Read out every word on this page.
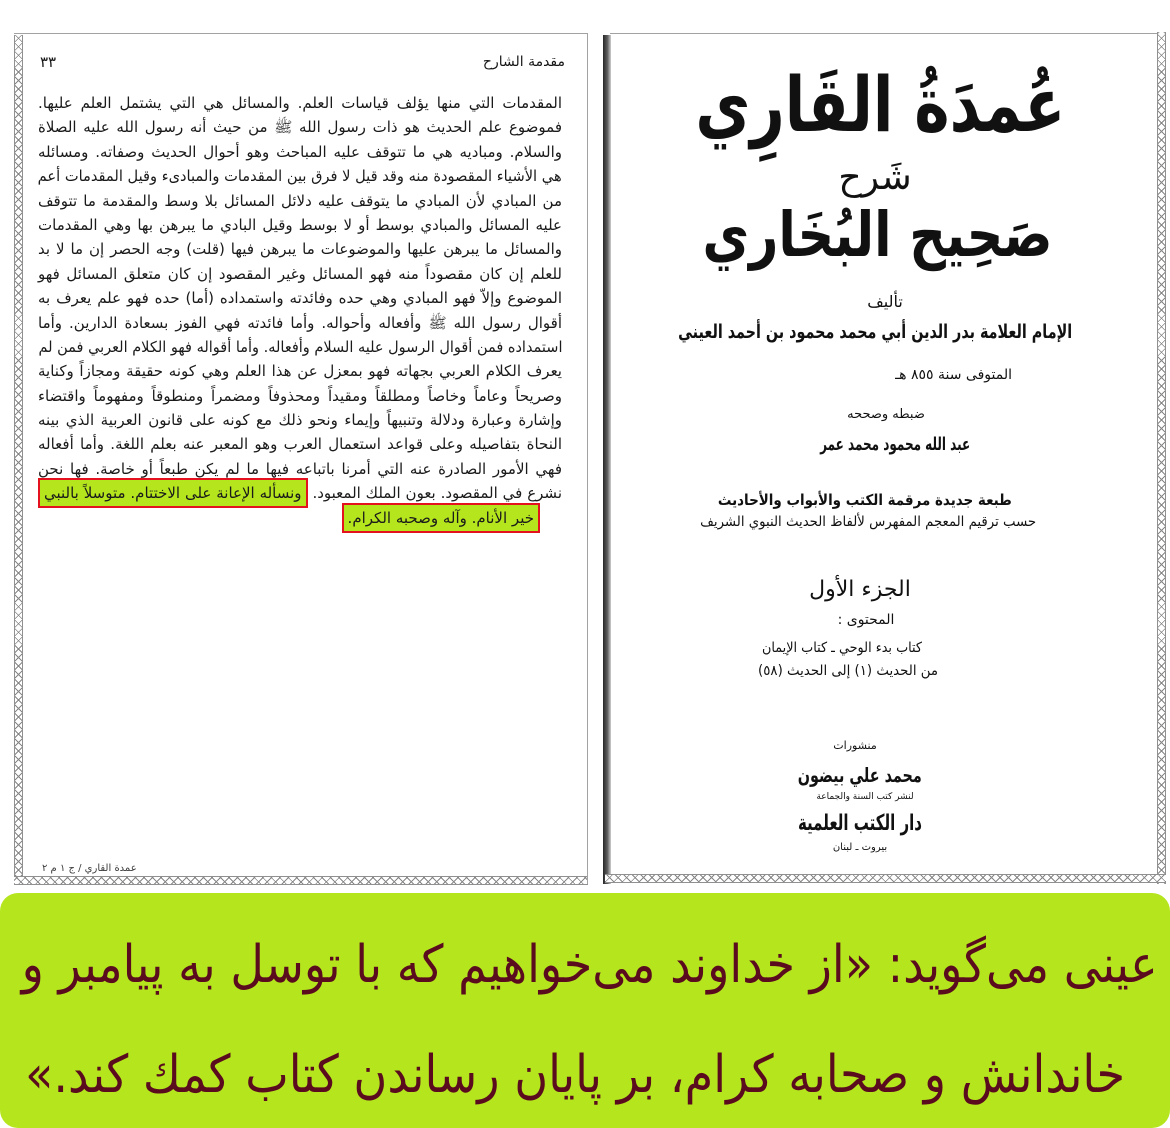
مقدمة الشارح
٣٣
المقدمات التي منها يؤلف قياسات العلم. والمسائل هي التي يشتمل العلم عليها.
فموضوع علم الحديث هو ذات رسول الله ﷺ من حيث أنه رسول الله عليه الصلاة
والسلام. ومباديه هي ما تتوقف عليه المباحث وهو أحوال الحديث وصفاته. ومسائله
هي الأشياء المقصودة منه وقد قيل لا فرق بين المقدمات والمبادىء وقيل المقدمات أعم
من المبادي لأن المبادي ما يتوقف عليه دلائل المسائل بلا وسط والمقدمة ما تتوقف
عليه المسائل والمبادي بوسط أو لا بوسط وقيل البادي ما يبرهن بها وهي المقدمات
والمسائل ما يبرهن عليها والموضوعات ما يبرهن فيها (قلت) وجه الحصر إن ما لا بد
للعلم إن كان مقصوداً منه فهو المسائل وغير المقصود إن كان متعلق المسائل فهو
الموضوع وإلاّ فهو المبادي وهي حده وفائدته واستمداده (أما) حده فهو علم يعرف به
أقوال رسول الله ﷺ وأفعاله وأحواله. وأما فائدته فهي الفوز بسعادة الدارين. وأما
استمداده فمن أقوال الرسول عليه السلام وأفعاله. وأما أقواله فهو الكلام العربي فمن لم
يعرف الكلام العربي بجهاته فهو بمعزل عن هذا العلم وهي كونه حقيقة ومجازاً وكناية
وصريحاً وعاماً وخاصاً ومطلقاً ومقيداً ومحذوفاً ومضمراً ومنطوقاً ومفهوماً واقتضاء
وإشارة وعبارة ودلالة وتنبيهاً وإيماء ونحو ذلك مع كونه على قانون العربية الذي بينه
النحاة بتفاصيله وعلى قواعد استعمال العرب وهو المعبر عنه بعلم اللغة. وأما أفعاله
فهي الأمور الصادرة عنه التي أمرنا باتباعه فيها ما لم يكن طبعاً أو خاصة. فها نحن
نشرع في المقصود. بعون الملك المعبود. ونسأله الإعانة على الاختتام. متوسلاً بالنبي
خير الأنام. وآله وصحبه الكرام.
عمدة القاري / ج ١ م ٢
عُمدَةُ القَارِي
شَرح
صَحِيح البُخَاري
تأليف
الإمام العلامة بدر الدين أبي محمد محمود بن أحمد العيني
المتوفى سنة ٨٥٥ هـ
ضبطه وصححه
عبد الله محمود محمد عمر
طبعة جديدة مرقمة الكتب والأبواب والأحاديث
حسب ترقيم المعجم المفهرس لألفاظ الحديث النبوي الشريف
الجزء الأول
المحتوى :
كتاب بدء الوحي ـ كتاب الإيمان
من الحديث (١) إلى الحديث (٥٨)
منشورات
محمد علي بيضون
لنشر كتب السنة والجماعة
دار الكتب العلمية
بيروت ـ لبنان
عینی می‌گوید: «از خداوند می‌خواهیم که با توسل به پیامبر و
خاندانش و صحابه کرام، بر پایان رساندن کتاب کمك کند.»
